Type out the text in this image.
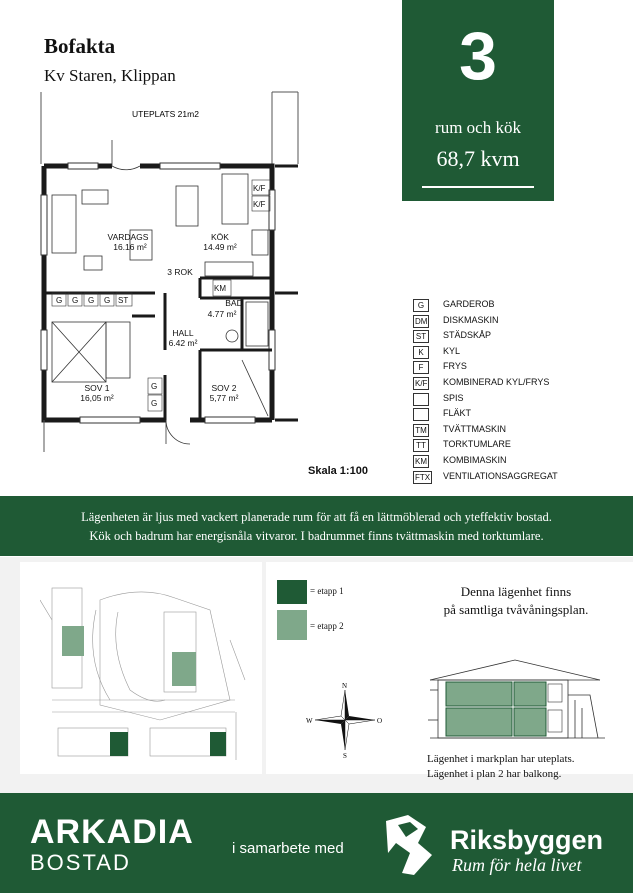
Bofakta
Kv Staren, Klippan	3
rum och kök
68,7 kvm
UTEPLATS 21m2
G G G G ST
K/F
K/F
KM
G
G
VARDAGS
16.16 m²
KÖK
14.49 m²
BAD
4.77 m²
HALL
6.42 m²
SOV 1
16,05 m²
SOV 2
5,77 m²
3 ROK
G	GARDEROB
DM DISKMASKIN
ST	STÄDSKÅP
K	KYL
F	FRYS
K/F KOMBINERAD KYL/FRYS
SPIS
FLÄKT
TM TVÄTTMASKIN
TT	TORKTUMLARE
KM KOMBIMASKIN
FTX VENTILATIONSAGGREGAT
Skala 1:100
Lägenheten är ljus med vackert planerade rum för att få en lättmöblerad och yteffektiv bostad.
Kök och badrum har energisnåla vitvaror. I badrummet finns tvättmaskin med torktumlare.
= etapp 1
= etapp 2
N
S
W	O
Denna lägenhet finns
på samtliga tvåvåningsplan.
Lägenhet i markplan har uteplats.
Lägenhet i plan 2 har balkong.
ARKADIA
BOSTAD
i samarbete med	Riksbyggen
Rum för hela livet
